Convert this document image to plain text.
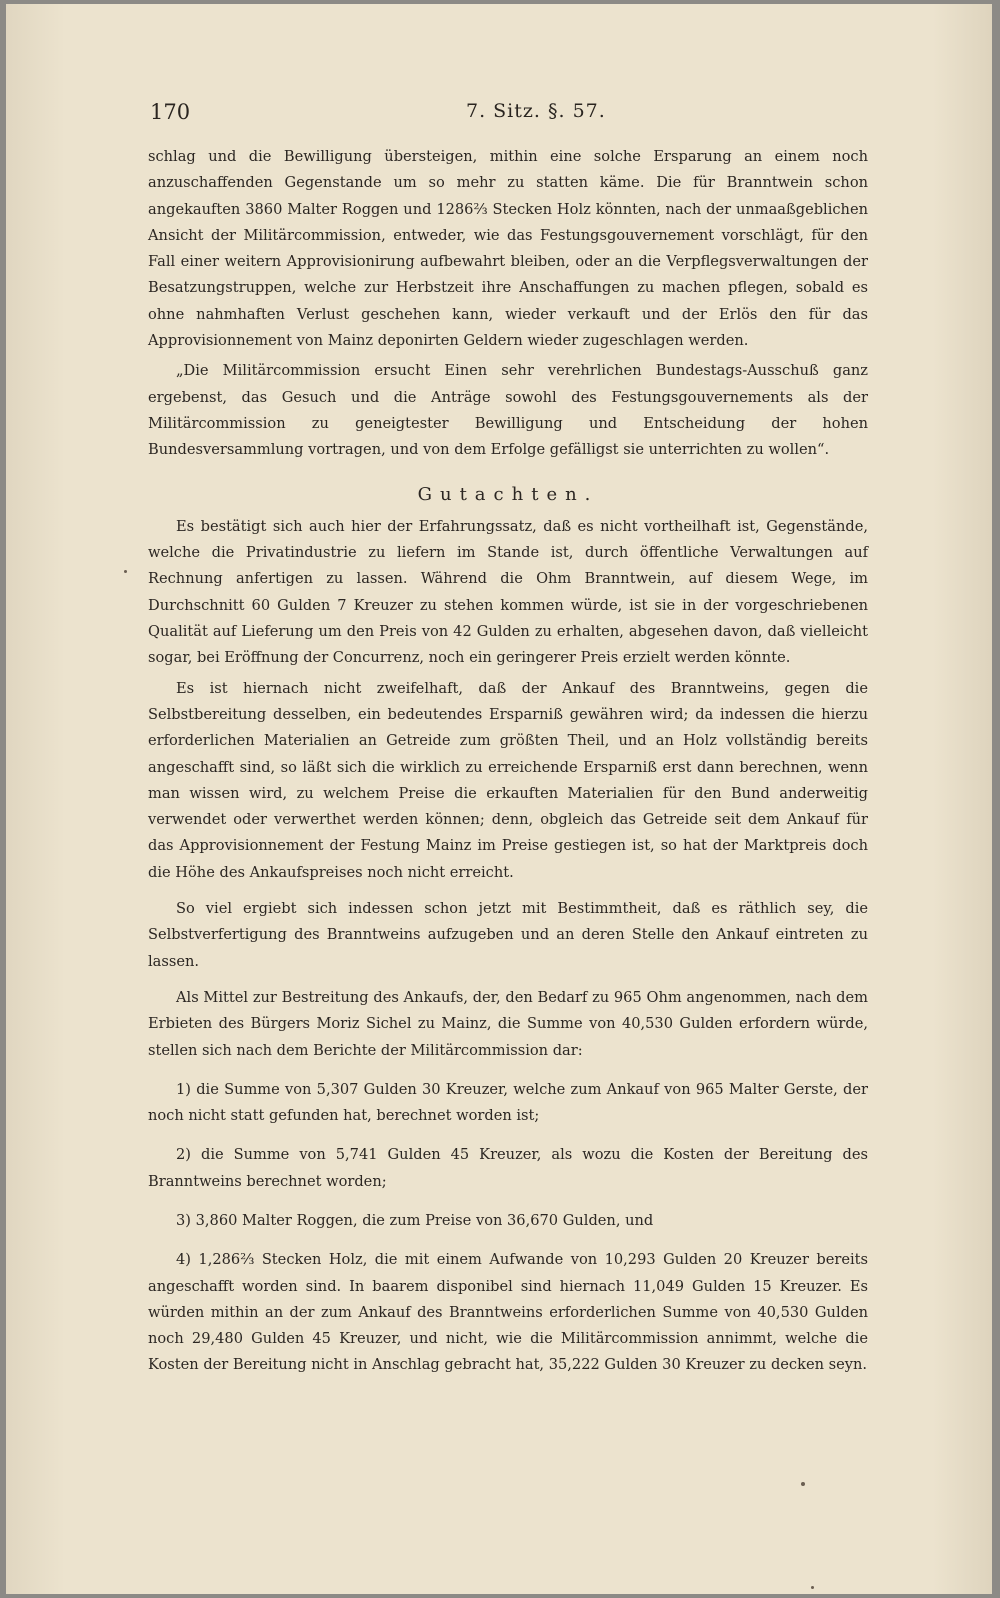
170	7. Sitz. §. 57.

schlag und die Bewilligung übersteigen, mithin eine solche Ersparung an einem noch anzuschaffenden Gegenstande um so mehr zu statten käme. Die für Branntwein schon angekauften 3860 Malter Roggen und 1286⅔ Stecken Holz könnten, nach der unmaaßgeblichen Ansicht der Militärcommission, entweder, wie das Festungsgouvernement vorschlägt, für den Fall einer weitern Approvisionirung aufbewahrt bleiben, oder an die Verpflegsverwaltungen der Besatzungstruppen, welche zur Herbstzeit ihre Anschaffungen zu machen pflegen, sobald es ohne nahmhaften Verlust geschehen kann, wieder verkauft und der Erlös den für das Approvisionnement von Mainz deponirten Geldern wieder zugeschlagen werden.

„Die Militärcommission ersucht Einen sehr verehrlichen Bundestags-Ausschuß ganz ergebenst, das Gesuch und die Anträge sowohl des Festungsgouvernements als der Militärcommission zu geneigtester Bewilligung und Entscheidung der hohen Bundesversammlung vortragen, und von dem Erfolge gefälligst sie unterrichten zu wollen“.

Gutachten.

Es bestätigt sich auch hier der Erfahrungssatz, daß es nicht vortheilhaft ist, Gegenstände, welche die Privatindustrie zu liefern im Stande ist, durch öffentliche Verwaltungen auf Rechnung anfertigen zu lassen. Während die Ohm Branntwein, auf diesem Wege, im Durchschnitt 60 Gulden 7 Kreuzer zu stehen kommen würde, ist sie in der vorgeschriebenen Qualität auf Lieferung um den Preis von 42 Gulden zu erhalten, abgesehen davon, daß vielleicht sogar, bei Eröffnung der Concurrenz, noch ein geringerer Preis erzielt werden könnte.

Es ist hiernach nicht zweifelhaft, daß der Ankauf des Branntweins, gegen die Selbstbereitung desselben, ein bedeutendes Ersparniß gewähren wird; da indessen die hierzu erforderlichen Materialien an Getreide zum größten Theil, und an Holz vollständig bereits angeschafft sind, so läßt sich die wirklich zu erreichende Ersparniß erst dann berechnen, wenn man wissen wird, zu welchem Preise die erkauften Materialien für den Bund anderweitig verwendet oder verwerthet werden können; denn, obgleich das Getreide seit dem Ankauf für das Approvisionnement der Festung Mainz im Preise gestiegen ist, so hat der Marktpreis doch die Höhe des Ankaufspreises noch nicht erreicht.

So viel ergiebt sich indessen schon jetzt mit Bestimmtheit, daß es räthlich sey, die Selbstverfertigung des Branntweins aufzugeben und an deren Stelle den Ankauf eintreten zu lassen.

Als Mittel zur Bestreitung des Ankaufs, der, den Bedarf zu 965 Ohm angenommen, nach dem Erbieten des Bürgers Moriz Sichel zu Mainz, die Summe von 40,530 Gulden erfordern würde, stellen sich nach dem Berichte der Militärcommission dar:

1) die Summe von 5,307 Gulden 30 Kreuzer, welche zum Ankauf von 965 Malter Gerste, der noch nicht statt gefunden hat, berechnet worden ist;

2) die Summe von 5,741 Gulden 45 Kreuzer, als wozu die Kosten der Bereitung des Branntweins berechnet worden;

3) 3,860 Malter Roggen, die zum Preise von 36,670 Gulden, und

4) 1,286⅔ Stecken Holz, die mit einem Aufwande von 10,293 Gulden 20 Kreuzer bereits angeschafft worden sind. In baarem disponibel sind hiernach 11,049 Gulden 15 Kreuzer. Es würden mithin an der zum Ankauf des Branntweins erforderlichen Summe von 40,530 Gulden noch 29,480 Gulden 45 Kreuzer, und nicht, wie die Militärcommission annimmt, welche die Kosten der Bereitung nicht in Anschlag gebracht hat, 35,222 Gulden 30 Kreuzer zu decken seyn.
